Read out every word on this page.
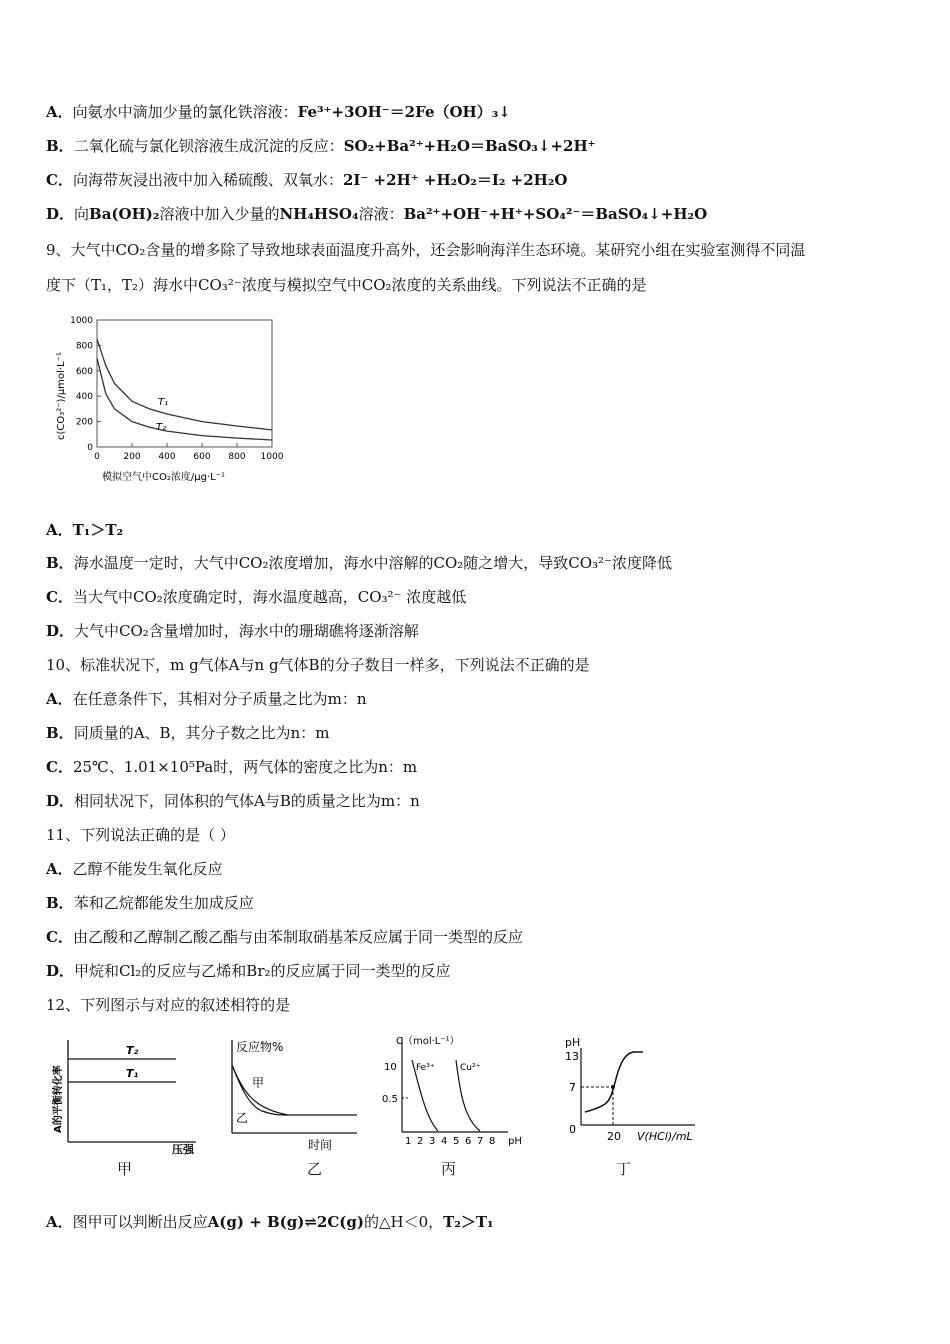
A．向氨水中滴加少量的氯化铁溶液：Fe³⁺+3OH⁻＝2Fe（OH）₃↓
B．二氧化硫与氯化钡溶液生成沉淀的反应：SO₂+Ba²⁺+H₂O＝BaSO₃↓+2H⁺
C．向海带灰浸出液中加入稀硫酸、双氧水：2I⁻ +2H⁺ +H₂O₂＝I₂ +2H₂O
D．向Ba(OH)₂溶液中加入少量的NH₄HSO₄溶液：Ba²⁺+OH⁻+H⁺+SO₄²⁻＝BaSO₄↓+H₂O
9、大气中CO₂含量的增多除了导致地球表面温度升高外，还会影响海洋生态环境。某研究小组在实验室测得不同温
度下（T₁，T₂）海水中CO₃²⁻浓度与模拟空气中CO₂浓度的关系曲线。下列说法不正确的是
0
200
400
600
800
1000
0	200 400 600 800 1000
T₁
T₂
模拟空气中CO₂浓度/μg·L⁻¹
c(CO₃²⁻)/μmol·L⁻¹
A．T₁＞T₂
B．海水温度一定时，大气中CO₂浓度增加，海水中溶解的CO₂随之增大，导致CO₃²⁻浓度降低
C．当大气中CO₂浓度确定时，海水温度越高，CO₃²⁻ 浓度越低
D．大气中CO₂含量增加时，海水中的珊瑚礁将逐渐溶解
10、标准状况下，m g气体A与n g气体B的分子数目一样多，下列说法不正确的是
A．在任意条件下，其相对分子质量之比为m：n
B．同质量的A、B，其分子数之比为n：m
C．25℃、1.01×10⁵Pa时，两气体的密度之比为n：m
D．相同状况下，同体积的气体A与B的质量之比为m：n
11、下列说法正确的是（ ）
A．乙醇不能发生氧化反应
B．苯和乙烷都能发生加成反应
C．由乙酸和乙醇制乙酸乙酯与由苯制取硝基苯反应属于同一类型的反应
D．甲烷和Cl₂的反应与乙烯和Br₂的反应属于同一类型的反应
12、下列图示与对应的叙述相符的是
T₂
T₁
压强
A的平衡转化率
甲
反应物%
甲
乙
时间
乙
C（mol·L⁻¹）
10
0.5
Fe³⁺	Cu²⁺
1 2 3 4 5 6 7 8 pH
丙
pH
13
7
0
20 V(HCl)/mL
丁
A．图甲可以判断出反应A(g) + B(g)⇌2C(g)的△H＜0，T₂＞T₁
